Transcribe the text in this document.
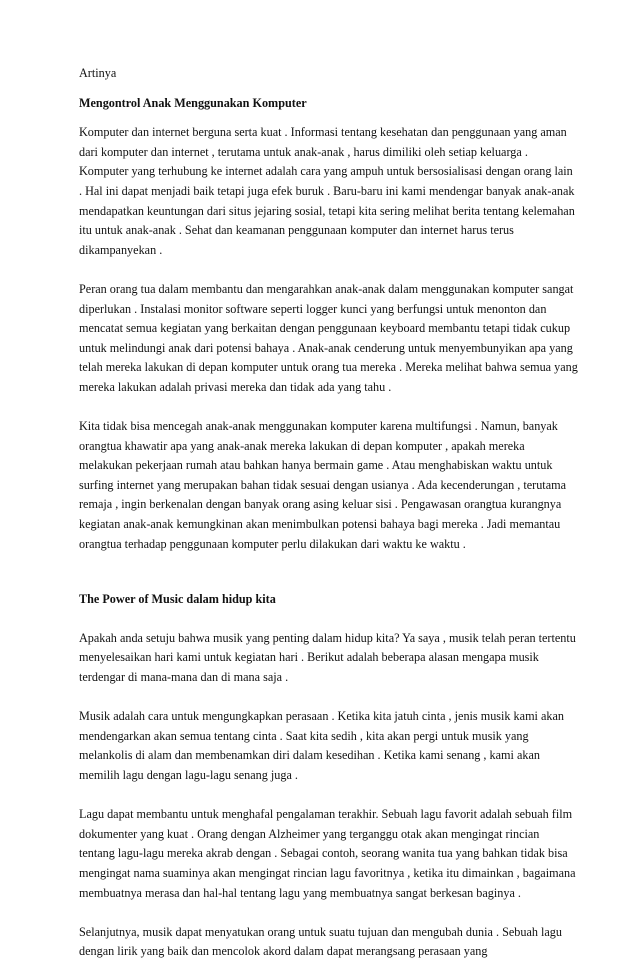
Artinya
Mengontrol Anak Menggunakan Komputer

Komputer dan internet berguna serta kuat . Informasi tentang kesehatan dan penggunaan yang aman dari komputer dan internet , terutama untuk anak-anak , harus dimiliki oleh setiap keluarga . Komputer yang terhubung ke internet adalah cara yang ampuh untuk bersosialisasi dengan orang lain . Hal ini dapat menjadi baik tetapi juga efek buruk . Baru-baru ini kami mendengar banyak anak-anak mendapatkan keuntungan dari situs jejaring sosial, tetapi kita sering melihat berita tentang kelemahan itu untuk anak-anak . Sehat dan keamanan penggunaan komputer dan internet harus terus dikampanyekan .

Peran orang tua dalam membantu dan mengarahkan anak-anak dalam menggunakan komputer sangat diperlukan . Instalasi monitor software seperti logger kunci yang berfungsi untuk menonton dan mencatat semua kegiatan yang berkaitan dengan penggunaan keyboard membantu tetapi tidak cukup untuk melindungi anak dari potensi bahaya . Anak-anak cenderung untuk menyembunyikan apa yang telah mereka lakukan di depan komputer untuk orang tua mereka . Mereka melihat bahwa semua yang mereka lakukan adalah privasi mereka dan tidak ada yang tahu .

Kita tidak bisa mencegah anak-anak menggunakan komputer karena multifungsi . Namun, banyak orangtua khawatir apa yang anak-anak mereka lakukan di depan komputer , apakah mereka melakukan pekerjaan rumah atau bahkan hanya bermain game . Atau menghabiskan waktu untuk surfing internet yang merupakan bahan tidak sesuai dengan usianya . Ada kecenderungan , terutama remaja , ingin berkenalan dengan banyak orang asing keluar sisi . Pengawasan orangtua kurangnya kegiatan anak-anak kemungkinan akan menimbulkan potensi bahaya bagi mereka . Jadi memantau orangtua terhadap penggunaan komputer perlu dilakukan dari waktu ke waktu .

The Power of Music dalam hidup kita

Apakah anda setuju bahwa musik yang penting dalam hidup kita? Ya saya , musik telah peran tertentu menyelesaikan hari kami untuk kegiatan hari . Berikut adalah beberapa alasan mengapa musik terdengar di mana-mana dan di mana saja .

Musik adalah cara untuk mengungkapkan perasaan . Ketika kita jatuh cinta , jenis musik kami akan mendengarkan akan semua tentang cinta . Saat kita sedih , kita akan pergi untuk musik yang melankolis di alam dan membenamkan diri dalam kesedihan . Ketika kami senang , kami akan memilih lagu dengan lagu-lagu senang juga .

Lagu dapat membantu untuk menghafal pengalaman terakhir. Sebuah lagu favorit adalah sebuah film dokumenter yang kuat . Orang dengan Alzheimer yang terganggu otak akan mengingat rincian tentang lagu-lagu mereka akrab dengan . Sebagai contoh, seorang wanita tua yang bahkan tidak bisa mengingat nama suaminya akan mengingat rincian lagu favoritnya , ketika itu dimainkan , bagaimana membuatnya merasa dan hal-hal tentang lagu yang membuatnya sangat berkesan baginya .

Selanjutnya, musik dapat menyatukan orang untuk suatu tujuan dan mengubah dunia . Sebuah lagu dengan lirik yang baik dan mencolok akord dalam dapat merangsang perasaan yang
